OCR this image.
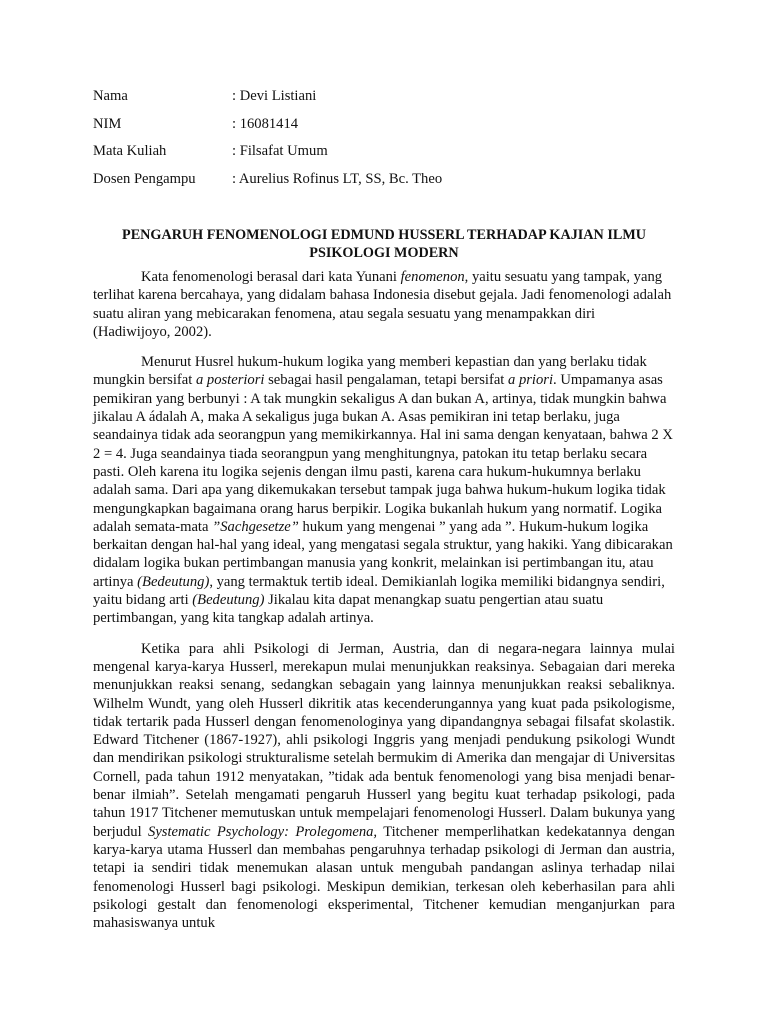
Nama	: Devi Listiani
NIM	: 16081414
Mata Kuliah	: Filsafat Umum
Dosen Pengampu	: Aurelius Rofinus LT, SS, Bc. Theo
PENGARUH FENOMENOLOGI EDMUND HUSSERL TERHADAP KAJIAN ILMU PSIKOLOGI MODERN

Kata fenomenologi berasal dari kata Yunani fenomenon, yaitu sesuatu yang tampak, yang terlihat karena bercahaya, yang didalam bahasa Indonesia disebut gejala. Jadi fenomenologi adalah suatu aliran yang mebicarakan fenomena, atau segala sesuatu yang menampakkan diri (Hadiwijoyo, 2002).

Menurut Husrel hukum-hukum logika yang memberi kepastian dan yang berlaku tidak mungkin bersifat a posteriori sebagai hasil pengalaman, tetapi bersifat a priori. Umpamanya asas pemikiran yang berbunyi : A tak mungkin sekaligus A dan bukan A, artinya, tidak mungkin bahwa jikalau A ádalah A, maka A sekaligus juga bukan A. Asas pemikiran ini tetap berlaku, juga seandainya tidak ada seorangpun yang memikirkannya. Hal ini sama dengan kenyataan, bahwa 2 X 2 = 4. Juga seandainya tiada seorangpun yang menghitungnya, patokan itu tetap berlaku secara pasti. Oleh karena itu logika sejenis dengan ilmu pasti, karena cara hukum-hukumnya berlaku adalah sama. Dari apa yang dikemukakan tersebut tampak juga bahwa hukum-hukum logika tidak mengungkapkan bagaimana orang harus berpikir. Logika bukanlah hukum yang normatif. Logika adalah semata-mata ”Sachgesetze” hukum yang mengenai ” yang ada ”. Hukum-hukum logika berkaitan dengan hal-hal yang ideal, yang mengatasi segala struktur, yang hakiki. Yang dibicarakan didalam logika bukan pertimbangan manusia yang konkrit, melainkan isi pertimbangan itu, atau artinya (Bedeutung), yang termaktuk tertib ideal. Demikianlah logika memiliki bidangnya sendiri, yaitu bidang arti (Bedeutung) Jikalau kita dapat menangkap suatu pengertian atau suatu pertimbangan, yang kita tangkap adalah artinya.

Ketika para ahli Psikologi di Jerman, Austria, dan di negara-negara lainnya mulai mengenal karya-karya Husserl, merekapun mulai menunjukkan reaksinya. Sebagaian dari mereka menunjukkan reaksi senang, sedangkan sebagain yang lainnya menunjukkan reaksi sebaliknya. Wilhelm Wundt, yang oleh Husserl dikritik atas kecenderungannya yang kuat pada psikologisme, tidak tertarik pada Husserl dengan fenomenologinya yang dipandangnya sebagai filsafat skolastik. Edward Titchener (1867-1927), ahli psikologi Inggris yang menjadi pendukung psikologi Wundt dan mendirikan psikologi strukturalisme setelah bermukim di Amerika dan mengajar di Universitas Cornell, pada tahun 1912 menyatakan, ”tidak ada bentuk fenomenologi yang bisa menjadi benar-benar ilmiah”. Setelah mengamati pengaruh Husserl yang begitu kuat terhadap psikologi, pada tahun 1917 Titchener memutuskan untuk mempelajari fenomenologi Husserl. Dalam bukunya yang berjudul Systematic Psychology: Prolegomena, Titchener memperlihatkan kedekatannya dengan karya-karya utama Husserl dan membahas pengaruhnya terhadap psikologi di Jerman dan austria, tetapi ia sendiri tidak menemukan alasan untuk mengubah pandangan aslinya terhadap nilai fenomenologi Husserl bagi psikologi. Meskipun demikian, terkesan oleh keberhasilan para ahli psikologi gestalt dan fenomenologi eksperimental, Titchener kemudian menganjurkan para mahasiswanya untuk
